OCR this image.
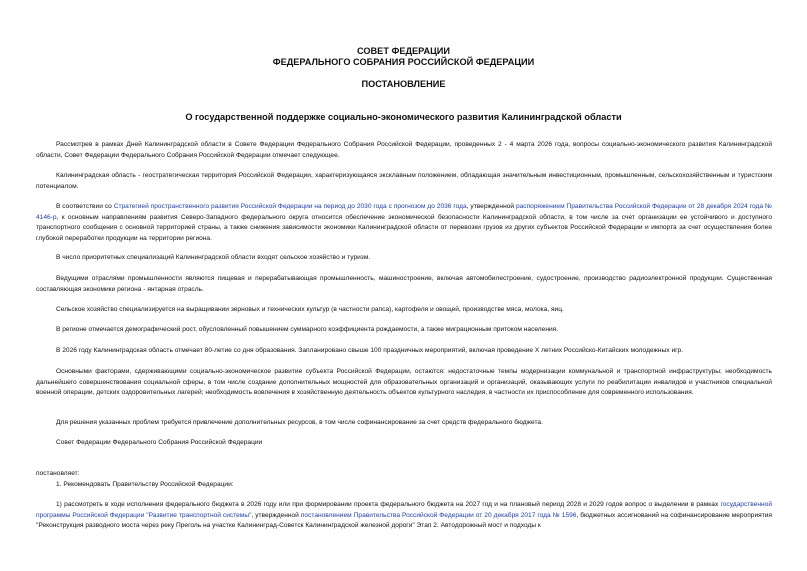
СОВЕТ ФЕДЕРАЦИИ
ФЕДЕРАЛЬНОГО СОБРАНИЯ РОССИЙСКОЙ ФЕДЕРАЦИИ
ПОСТАНОВЛЕНИЕ
О государственной поддержке социально-экономического развития Калининградской области

Рассмотрев в рамках Дней Калининградской области в Совете Федерации Федерального Собрания Российской Федерации, проведенных 2 - 4 марта 2026 года, вопросы социально-экономического развития Калининградской области, Совет Федерации Федерального Собрания Российской Федерации отмечает следующее.

Калининградская область - геостратегическая территория Российской Федерации, характеризующаяся эксклавным положением, обладающая значительным инвестиционным, промышленным, сельскохозяйственным и туристским потенциалом.

В соответствии со Стратегией пространственного развития Российской Федерации на период до 2030 года с прогнозом до 2036 года, утвержденной распоряжением Правительства Российской Федерации от 28 декабря 2024 года № 4146-р, к основным направлениям развития Северо-Западного федерального округа относится обеспечение экономической безопасности Калининградской области, в том числе за счет организации ее устойчивого и доступного транспортного сообщения с основной территорией страны, а также снижения зависимости экономики Калининградской области от перевозки грузов из других субъектов Российской Федерации и импорта за счет осуществления более глубокой переработки продукции на территории региона.

В число приоритетных специализаций Калининградской области входят сельское хозяйство и туризм.

Ведущими отраслями промышленности являются пищевая и перерабатывающая промышленность, машиностроение, включая автомобилестроение, судостроение, производство радиоэлектронной продукции. Существенная составляющая экономики региона - янтарная отрасль.

Сельское хозяйство специализируется на выращивании зерновых и технических культур (в частности рапса), картофеля и овощей, производстве мяса, молока, яиц.

В регионе отмечается демографический рост, обусловленный повышением суммарного коэффициента рождаемости, а также миграционным притоком населения.

В 2026 году Калининградская область отмечает 80-летие со дня образования. Запланировано свыше 100 праздничных мероприятий, включая проведение X летних Российско-Китайских молодежных игр.

Основными факторами, сдерживающими социально-экономическое развитие субъекта Российской Федерации, остаются: недостаточные темпы модернизации коммунальной и транспортной инфраструктуры; необходимость дальнейшего совершенствования социальной сферы, в том числе создание дополнительных мощностей для образовательных организаций и организаций, оказывающих услуги по реабилитации инвалидов и участников специальной военной операции, детских оздоровительных лагерей; необходимость вовлечения в хозяйственную деятельность объектов культурного наследия, в частности их приспособление для современного использования.

Для решения указанных проблем требуется привлечение дополнительных ресурсов, в том числе софинансирование за счет средств федерального бюджета.

Совет Федерации Федерального Собрания Российской Федерации

постановляет:

1. Рекомендовать Правительству Российской Федерации:

1) рассмотреть в ходе исполнения федерального бюджета в 2026 году или при формировании проекта федерального бюджета на 2027 год и на плановый период 2028 и 2029 годов вопрос о выделении в рамках государственной программы Российской Федерации "Развитие транспортной системы", утвержденной постановлением Правительства Российской Федерации от 20 декабря 2017 года № 1596, бюджетных ассигнований на софинансирование мероприятия "Реконструкция разводного моста через реку Преголь на участке Калининград-Советск Калининградской железной дороги" Этап 2. Автодорожный мост и подходы к
